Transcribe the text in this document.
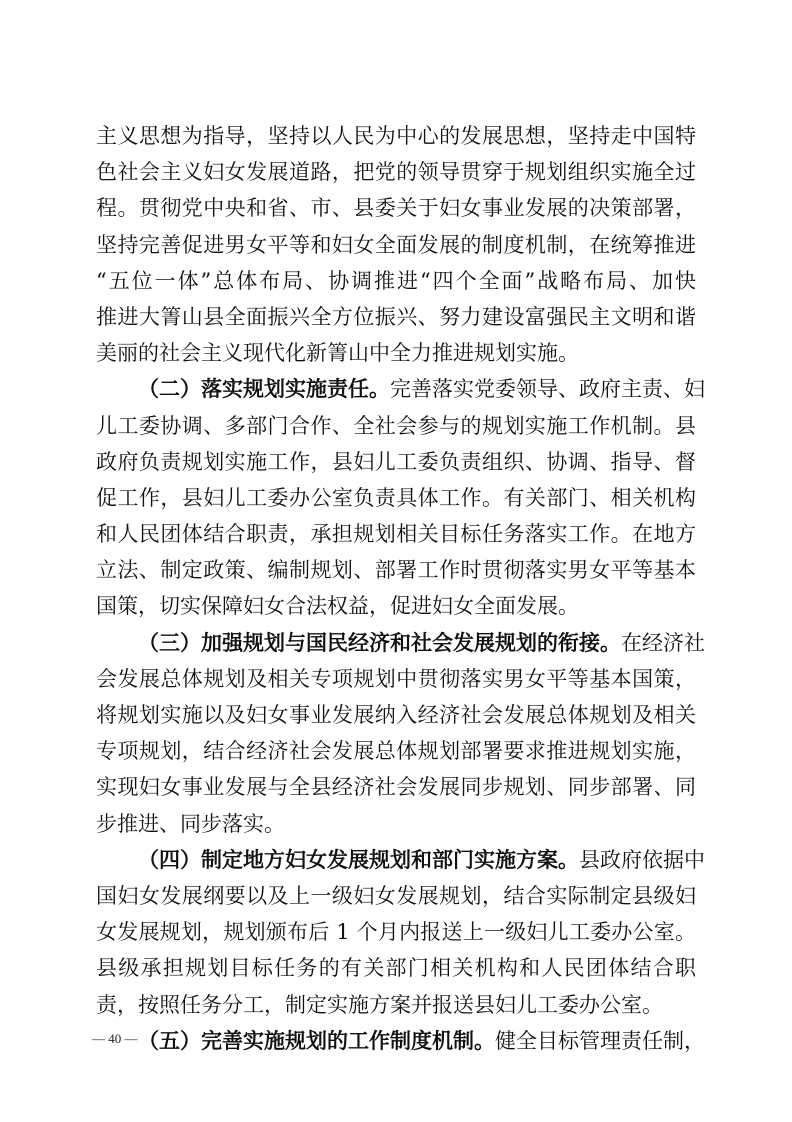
主义思想为指导，坚持以人民为中心的发展思想，坚持走中国特
色社会主义妇女发展道路，把党的领导贯穿于规划组织实施全过
程。贯彻党中央和省、市、县委关于妇女事业发展的决策部署，
坚持完善促进男女平等和妇女全面发展的制度机制，在统筹推进
“五位一体”总体布局、协调推进“四个全面”战略布局、加快
推进大箐山县全面振兴全方位振兴、努力建设富强民主文明和谐
美丽的社会主义现代化新箐山中全力推进规划实施。
（二）落实规划实施责任。完善落实党委领导、政府主责、妇
儿工委协调、多部门合作、全社会参与的规划实施工作机制。县
政府负责规划实施工作，县妇儿工委负责组织、协调、指导、督
促工作，县妇儿工委办公室负责具体工作。有关部门、相关机构
和人民团体结合职责，承担规划相关目标任务落实工作。在地方
立法、制定政策、编制规划、部署工作时贯彻落实男女平等基本
国策，切实保障妇女合法权益，促进妇女全面发展。
（三）加强规划与国民经济和社会发展规划的衔接。在经济社
会发展总体规划及相关专项规划中贯彻落实男女平等基本国策，
将规划实施以及妇女事业发展纳入经济社会发展总体规划及相关
专项规划，结合经济社会发展总体规划部署要求推进规划实施，
实现妇女事业发展与全县经济社会发展同步规划、同步部署、同
步推进、同步落实。
（四）制定地方妇女发展规划和部门实施方案。县政府依据中
国妇女发展纲要以及上一级妇女发展规划，结合实际制定县级妇
女发展规划，规划颁布后 1 个月内报送上一级妇儿工委办公室。
县级承担规划目标任务的有关部门相关机构和人民团体结合职
责，按照任务分工，制定实施方案并报送县妇儿工委办公室。
（五）完善实施规划的工作制度机制。健全目标管理责任制，
— 40 —
